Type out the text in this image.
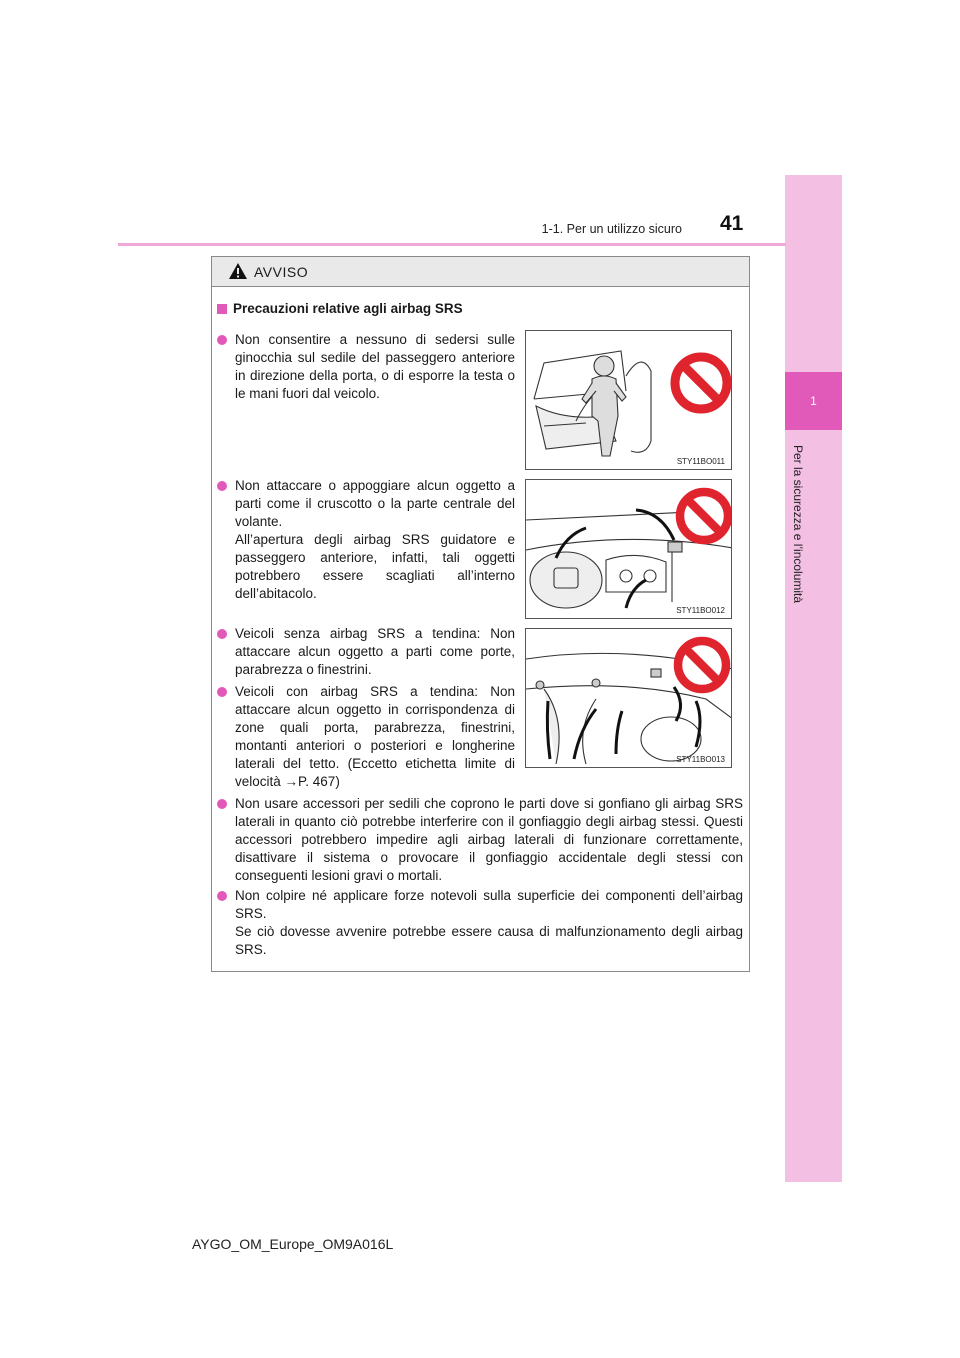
1
Per la sicurezza e l’incolumità
1-1. Per un utilizzo sicuro 41
AVVISO
Precauzioni relative agli airbag SRS

Non consentire a nessuno di sedersi sulle ginocchia sul sedile del passeggero anteriore in direzione della porta, o di esporre la testa o le mani fuori dal veicolo.

Non attaccare o appoggiare alcun oggetto a parti come il cruscotto o la parte centrale del volante.

All’apertura degli airbag SRS guidatore e passeggero anteriore, infatti, tali oggetti potrebbero essere scagliati all’interno dell’abitacolo.

Veicoli senza airbag SRS a tendina: Non attaccare alcun oggetto a parti come porte, parabrezza o finestrini.

Veicoli con airbag SRS a tendina: Non attaccare alcun oggetto in corrispondenza di zone quali porta, parabrezza, finestrini, montanti anteriori o posteriori e longherine laterali del tetto. (Eccetto etichetta limite di velocità →P. 467)

Non usare accessori per sedili che coprono le parti dove si gonfiano gli airbag SRS laterali in quanto ciò potrebbe interferire con il gonfiaggio degli airbag stessi. Questi accessori potrebbero impedire agli airbag laterali di funzionare correttamente, disattivare il sistema o provocare il gonfiaggio accidentale degli stessi con conseguenti lesioni gravi o mortali.

Non colpire né applicare forze notevoli sulla superficie dei componenti dell’airbag SRS.

Se ciò dovesse avvenire potrebbe essere causa di malfunzionamento degli airbag SRS.

STY11BO011
STY11BO012
STY11BO013
AYGO_OM_Europe_OM9A016L
